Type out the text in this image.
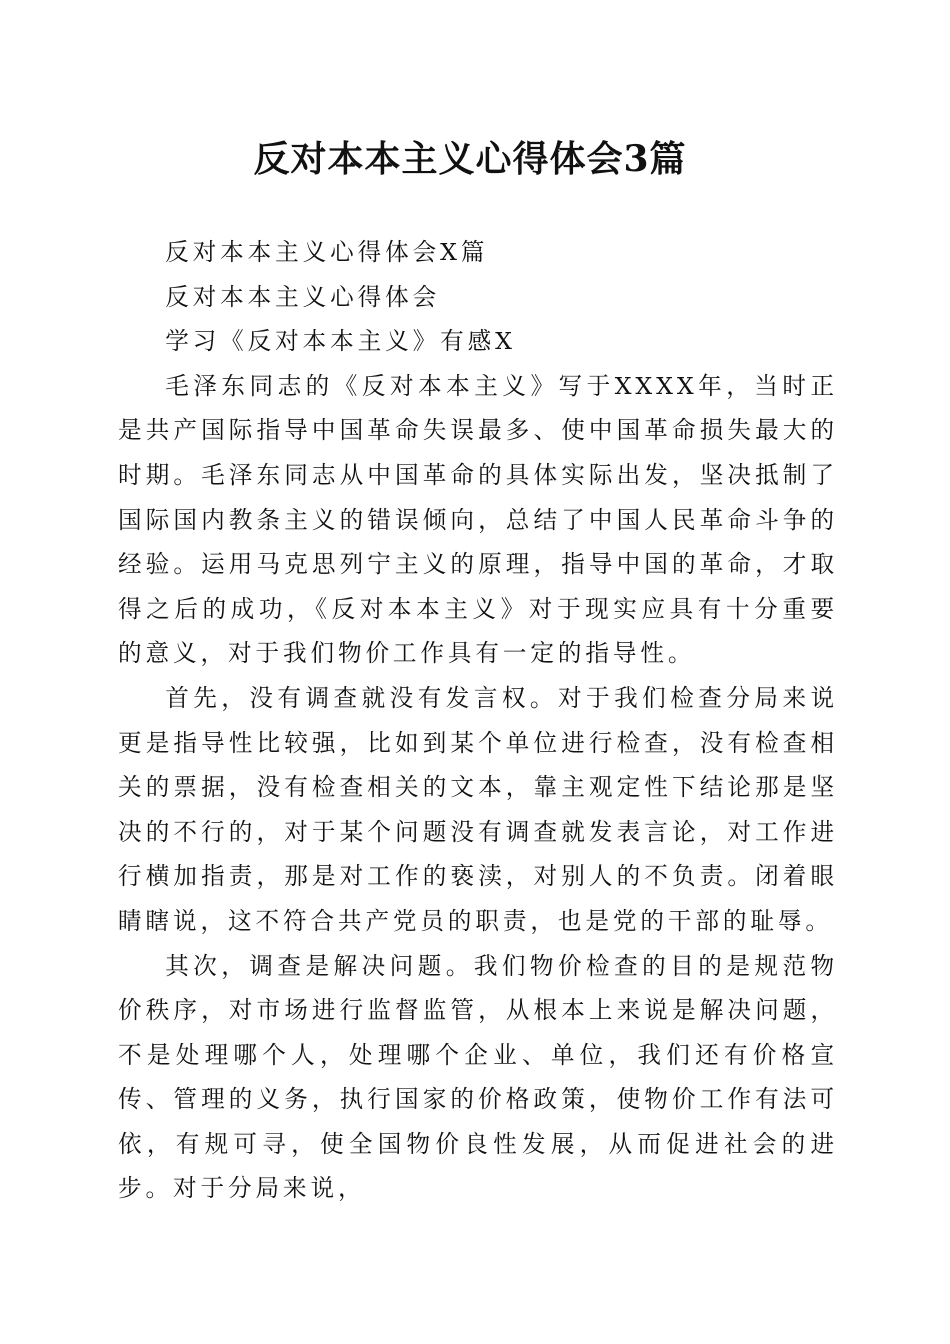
反对本本主义心得体会3篇

反对本本主义心得体会X篇

反对本本主义心得体会

学习《反对本本主义》有感X

毛泽东同志的《反对本本主义》写于XXXX年，当时正是共产国际指导中国革命失误最多、使中国革命损失最大的时期。毛泽东同志从中国革命的具体实际出发，坚决抵制了国际国内教条主义的错误倾向，总结了中国人民革命斗争的经验。运用马克思列宁主义的原理，指导中国的革命，才取得之后的成功，《反对本本主义》对于现实应具有十分重要的意义，对于我们物价工作具有一定的指导性。

首先，没有调查就没有发言权。对于我们检查分局来说更是指导性比较强，比如到某个单位进行检查，没有检查相关的票据，没有检查相关的文本，靠主观定性下结论那是坚决的不行的，对于某个问题没有调查就发表言论，对工作进行横加指责，那是对工作的亵渎，对别人的不负责。闭着眼睛瞎说，这不符合共产党员的职责，也是党的干部的耻辱。

其次，调查是解决问题。我们物价检查的目的是规范物价秩序，对市场进行监督监管，从根本上来说是解决问题，不是处理哪个人，处理哪个企业、单位，我们还有价格宣传、管理的义务，执行国家的价格政策，使物价工作有法可依，有规可寻，使全国物价良性发展，从而促进社会的进步。对于分局来说，
